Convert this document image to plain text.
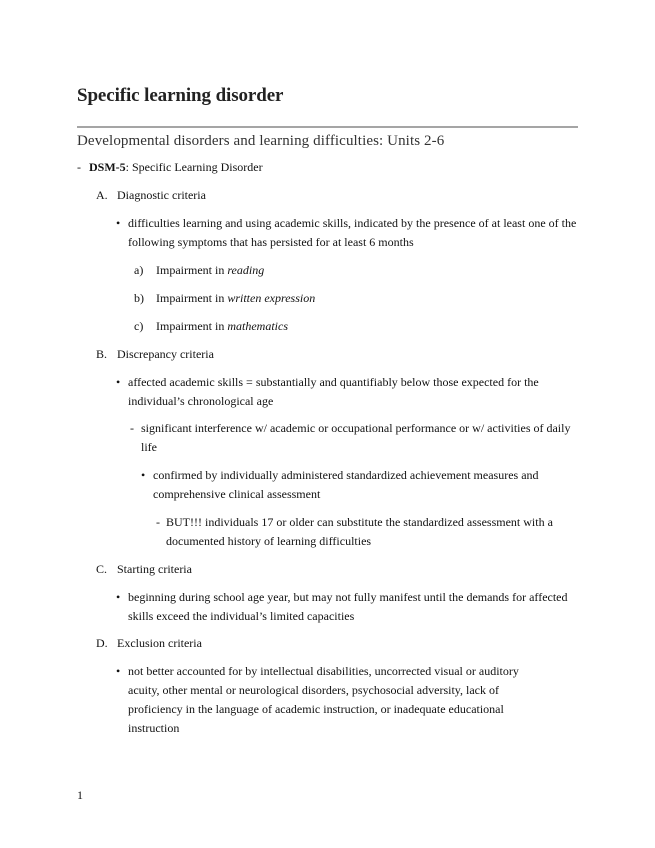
Specific learning disorder

Developmental disorders and learning difficulties: Units 2-6

- DSM-5: Specific Learning Disorder
A. Diagnostic criteria
• difficulties learning and using academic skills, indicated by the presence of at least one of the following symptoms that has persisted for at least 6 months
a) Impairment in reading
b) Impairment in written expression
c) Impairment in mathematics
B. Discrepancy criteria
• affected academic skills = substantially and quantifiably below those expected for the individual’s chronological age
- significant interference w/ academic or occupational performance or w/ activities of daily life
• confirmed by individually administered standardized achievement measures and comprehensive clinical assessment
- BUT!!! individuals 17 or older can substitute the standardized assessment with a documented history of learning difficulties
C. Starting criteria
• beginning during school age year, but may not fully manifest until the demands for affected skills exceed the individual’s limited capacities
D. Exclusion criteria
• not better accounted for by intellectual disabilities, uncorrected visual or auditory acuity, other mental or neurological disorders, psychosocial adversity, lack of proficiency in the language of academic instruction, or inadequate educational instruction
1
